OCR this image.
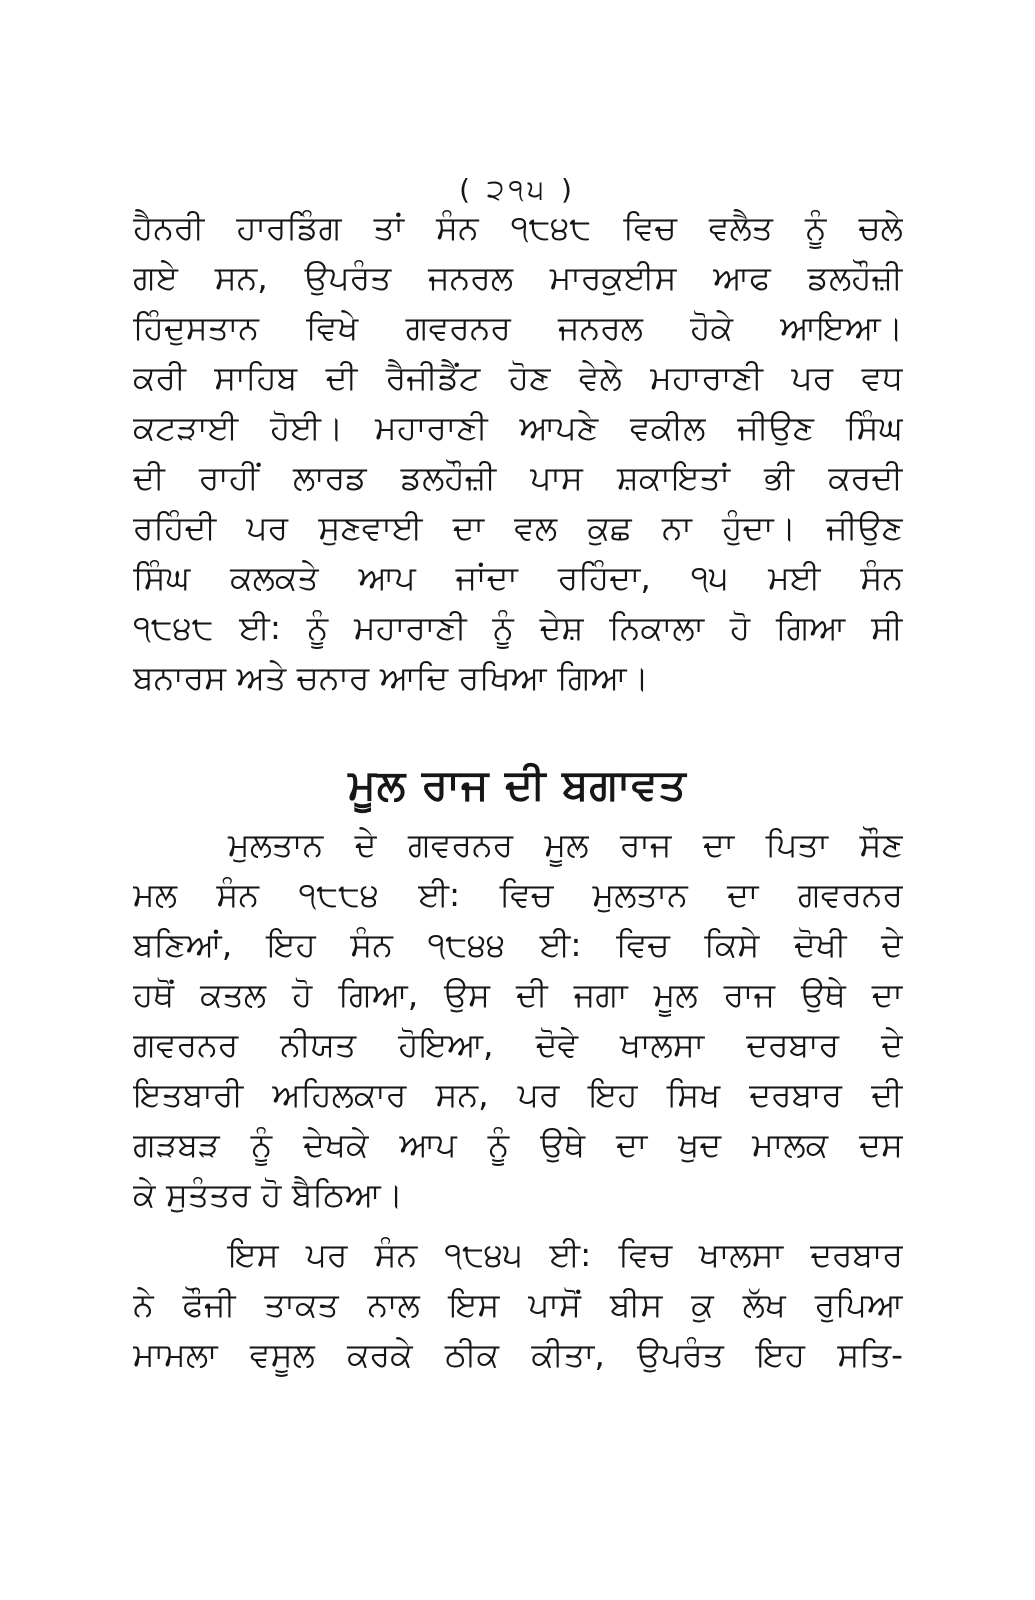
( ੨੧੫ )
ਹੈਨਰੀ ਹਾਰਡਿੰਗ ਤਾਂ ਸੰਨ ੧੮੪੮ ਵਿਚ ਵਲੈਤ ਨੂੰ ਚਲੇ
ਗਏ ਸਨ, ਉਪਰੰਤ ਜਨਰਲ ਮਾਰਕੁਈਸ ਆਫ ਡਲਹੌਜ਼ੀ
ਹਿੰਦੁਸਤਾਨ ਵਿਖੇ ਗਵਰਨਰ ਜਨਰਲ ਹੋਕੇ ਆਇਆ।
ਕਰੀ ਸਾਹਿਬ ਦੀ ਰੈਜੀਡੈਂਟ ਹੋਣ ਵੇਲੇ ਮਹਾਰਾਣੀ ਪਰ ਵਧ
ਕਟੜਾਈ ਹੋਈ। ਮਹਾਰਾਣੀ ਆਪਣੇ ਵਕੀਲ ਜੀਉਣ ਸਿੰਘ
ਦੀ ਰਾਹੀਂ ਲਾਰਡ ਡਲਹੌਜ਼ੀ ਪਾਸ ਸ਼ਕਾਇਤਾਂ ਭੀ ਕਰਦੀ
ਰਹਿੰਦੀ ਪਰ ਸੁਣਵਾਈ ਦਾ ਵਲ ਕੁਛ ਨਾ ਹੁੰਦਾ। ਜੀਉਣ
ਸਿੰਘ ਕਲਕਤੇ ਆਪ ਜਾਂਦਾ ਰਹਿੰਦਾ, ੧੫ ਮਈ ਸੰਨ
੧੮੪੮ ਈ: ਨੂੰ ਮਹਾਰਾਣੀ ਨੂੰ ਦੇਸ਼ ਨਿਕਾਲਾ ਹੋ ਗਿਆ ਸੀ
ਬਨਾਰਸ ਅਤੇ ਚਨਾਰ ਆਦਿ ਰਖਿਆ ਗਿਆ।
ਮੂਲ ਰਾਜ ਦੀ ਬਗਾਵਤ
ਮੁਲਤਾਨ ਦੇ ਗਵਰਨਰ ਮੂਲ ਰਾਜ ਦਾ ਪਿਤਾ ਸੌਣ
ਮਲ ਸੰਨ ੧੮੮੪ ਈ: ਵਿਚ ਮੁਲਤਾਨ ਦਾ ਗਵਰਨਰ
ਬਣਿਆਂ, ਇਹ ਸੰਨ ੧੮੪੪ ਈ: ਵਿਚ ਕਿਸੇ ਦੋਖੀ ਦੇ
ਹਥੋਂ ਕਤਲ ਹੋ ਗਿਆ, ਉਸ ਦੀ ਜਗਾ ਮੂਲ ਰਾਜ ਉਥੇ ਦਾ
ਗਵਰਨਰ ਨੀਯਤ ਹੋਇਆ, ਦੋਵੇ ਖਾਲਸਾ ਦਰਬਾਰ ਦੇ
ਇਤਬਾਰੀ ਅਹਿਲਕਾਰ ਸਨ, ਪਰ ਇਹ ਸਿਖ ਦਰਬਾਰ ਦੀ
ਗੜਬੜ ਨੂੰ ਦੇਖਕੇ ਆਪ ਨੂੰ ਉਥੇ ਦਾ ਖੁਦ ਮਾਲਕ ਦਸ
ਕੇ ਸੁਤੰਤਰ ਹੋ ਬੈਠਿਆ।
ਇਸ ਪਰ ਸੰਨ ੧੮੪੫ ਈ: ਵਿਚ ਖਾਲਸਾ ਦਰਬਾਰ
ਨੇ ਫੌਜੀ ਤਾਕਤ ਨਾਲ ਇਸ ਪਾਸੋਂ ਬੀਸ ਕੁ ਲੱਖ ਰੁਪਿਆ
ਮਾਮਲਾ ਵਸੂਲ ਕਰਕੇ ਠੀਕ ਕੀਤਾ, ਉਪਰੰਤ ਇਹ ਸਤਿ-
